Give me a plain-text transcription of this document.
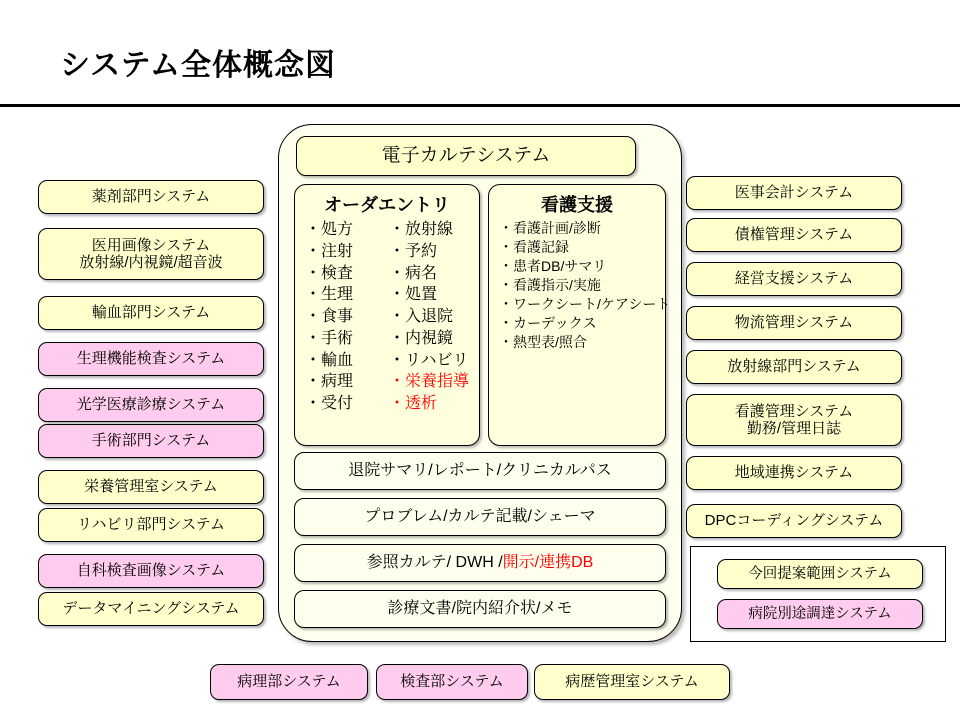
システム全体概念図
電子カルテシステム
オーダエントリ
・処方
・注射
・検査
・生理
・食事
・手術
・輸血
・病理
・受付
・放射線
・予約
・病名
・処置
・入退院
・内視鏡
・リハビリ
・栄養指導
・透析
看護支援
・看護計画/診断
・看護記録
・患者DB/サマリ
・看護指示/実施
・ワークシート/ケアシート
・カーデックス
・熱型表/照合
退院サマリ/レポート/クリニカルパス
プロブレム/カルテ記載/シェーマ
参照カルテ/ DWH / 開示/連携DB
診療文書/院内紹介状/メモ
薬剤部門システム
医用画像システム
放射線/内視鏡/超音波
輸血部門システム
生理機能検査システム
光学医療診療システム
手術部門システム
栄養管理室システム
リハビリ部門システム
自科検査画像システム
データマイニングシステム
医事会計システム
債権管理システム
経営支援システム
物流管理システム
放射線部門システム
看護管理システム
勤務/管理日誌
地域連携システム
DPCコーディングシステム
今回提案範囲システム
病院別途調達システム
病理部システム	検査部システム	病歴管理室システム
